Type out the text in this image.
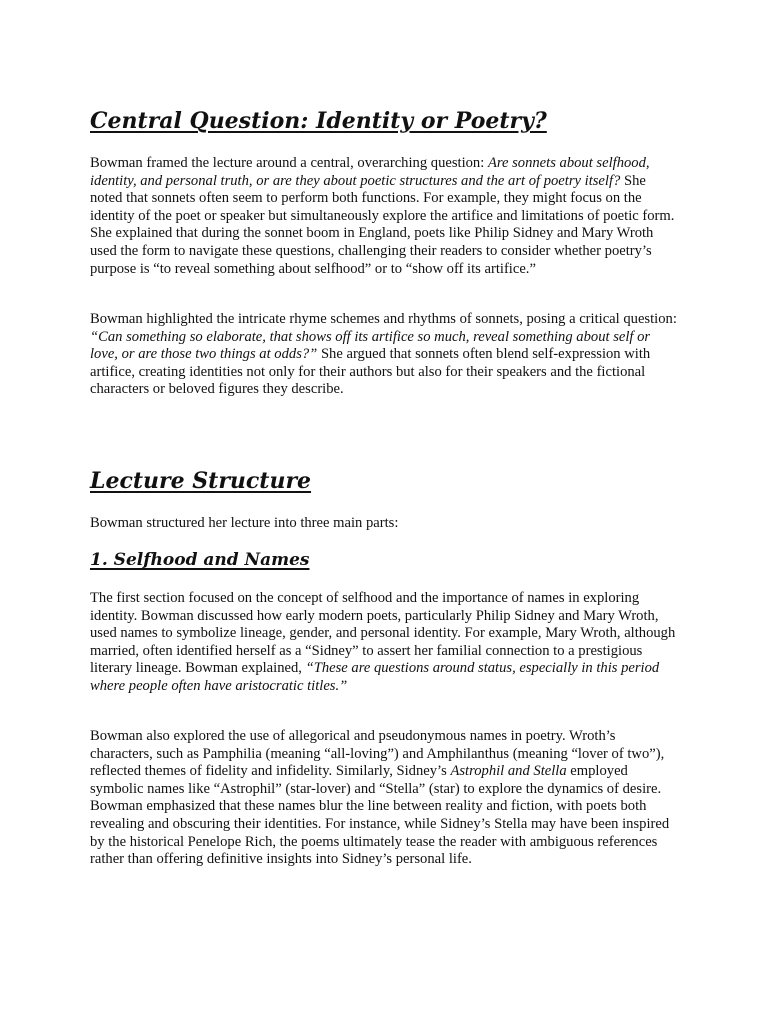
Central Question: Identity or Poetry?

Bowman framed the lecture around a central, overarching question: Are sonnets about selfhood, identity, and personal truth, or are they about poetic structures and the art of poetry itself? She noted that sonnets often seem to perform both functions. For example, they might focus on the identity of the poet or speaker but simultaneously explore the artifice and limitations of poetic form. She explained that during the sonnet boom in England, poets like Philip Sidney and Mary Wroth used the form to navigate these questions, challenging their readers to consider whether poetry’s purpose is “to reveal something about selfhood” or to “show off its artifice.”

Bowman highlighted the intricate rhyme schemes and rhythms of sonnets, posing a critical question: “Can something so elaborate, that shows off its artifice so much, reveal something about self or love, or are those two things at odds?” She argued that sonnets often blend self-expression with artifice, creating identities not only for their authors but also for their speakers and the fictional characters or beloved figures they describe.

Lecture Structure

Bowman structured her lecture into three main parts:

1. Selfhood and Names

The first section focused on the concept of selfhood and the importance of names in exploring identity. Bowman discussed how early modern poets, particularly Philip Sidney and Mary Wroth, used names to symbolize lineage, gender, and personal identity. For example, Mary Wroth, although married, often identified herself as a “Sidney” to assert her familial connection to a prestigious literary lineage. Bowman explained, “These are questions around status, especially in this period where people often have aristocratic titles.”

Bowman also explored the use of allegorical and pseudonymous names in poetry. Wroth’s characters, such as Pamphilia (meaning “all-loving”) and Amphilanthus (meaning “lover of two”), reflected themes of fidelity and infidelity. Similarly, Sidney’s Astrophil and Stella employed symbolic names like “Astrophil” (star-lover) and “Stella” (star) to explore the dynamics of desire. Bowman emphasized that these names blur the line between reality and fiction, with poets both revealing and obscuring their identities. For instance, while Sidney’s Stella may have been inspired by the historical Penelope Rich, the poems ultimately tease the reader with ambiguous references rather than offering definitive insights into Sidney’s personal life.
